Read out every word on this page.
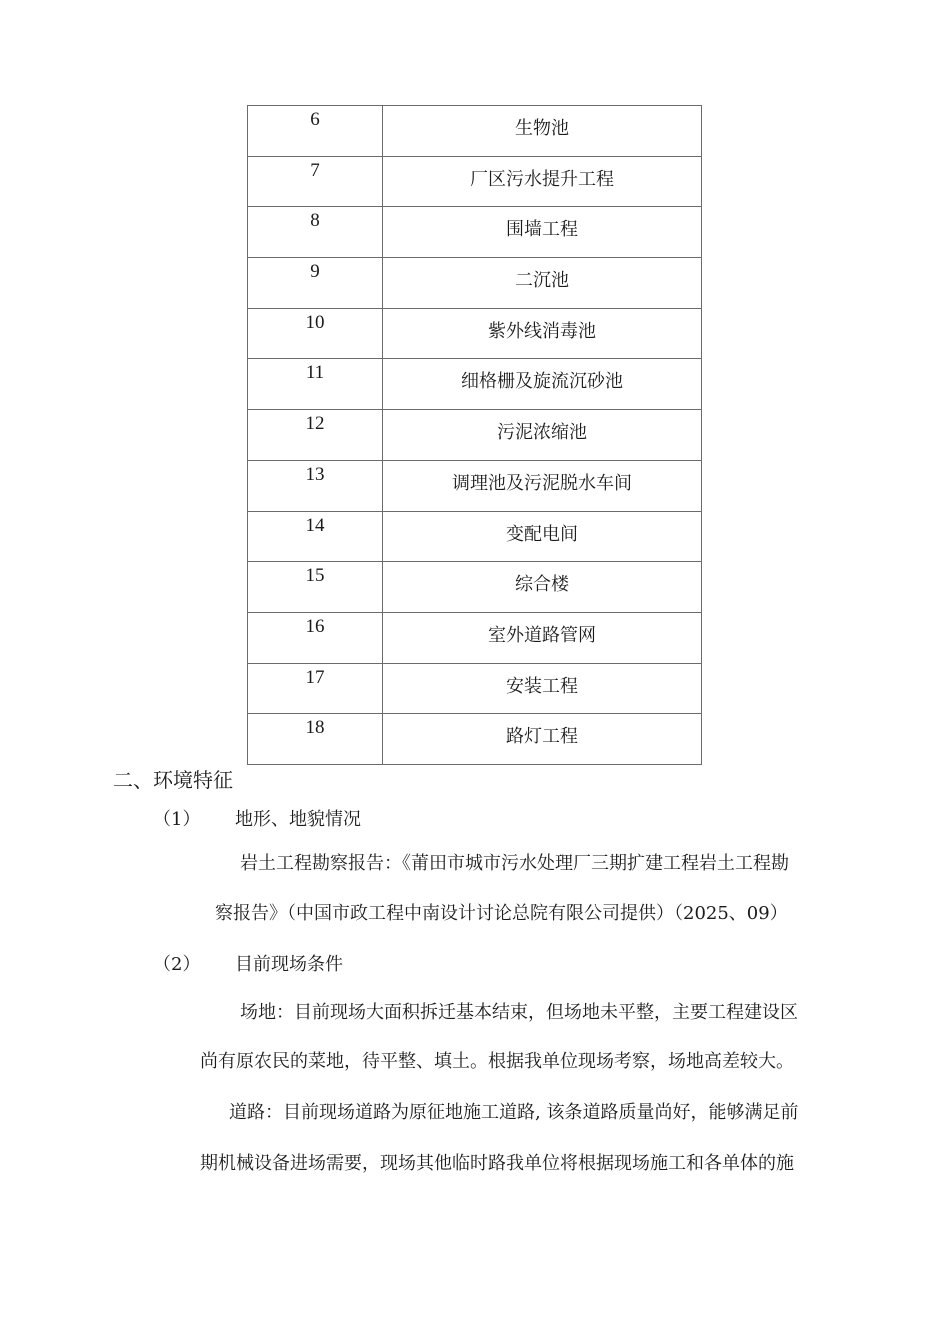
6	生物池
7	厂区污水提升工程
8	围墙工程
9	二沉池
10	紫外线消毒池
11	细格栅及旋流沉砂池
12	污泥浓缩池
13	调理池及污泥脱水车间
14	变配电间
15	综合楼
16	室外道路管网
17	安装工程
18	路灯工程
二、环境特征
（1） 地形、地貌情况
岩土工程勘察报告：《莆田市城市污水处理厂三期扩建工程岩土工程勘
察报告》（中国市政工程中南设计讨论总院有限公司提供）（2025、09）
（2） 目前现场条件
场地：目前现场大面积拆迁基本结束，但场地未平整，主要工程建设区
尚有原农民的菜地，待平整、填土。根据我单位现场考察，场地高差较大。
道路：目前现场道路为原征地施工道路, 该条道路质量尚好，能够满足前
期机械设备进场需要，现场其他临时路我单位将根据现场施工和各单体的施
